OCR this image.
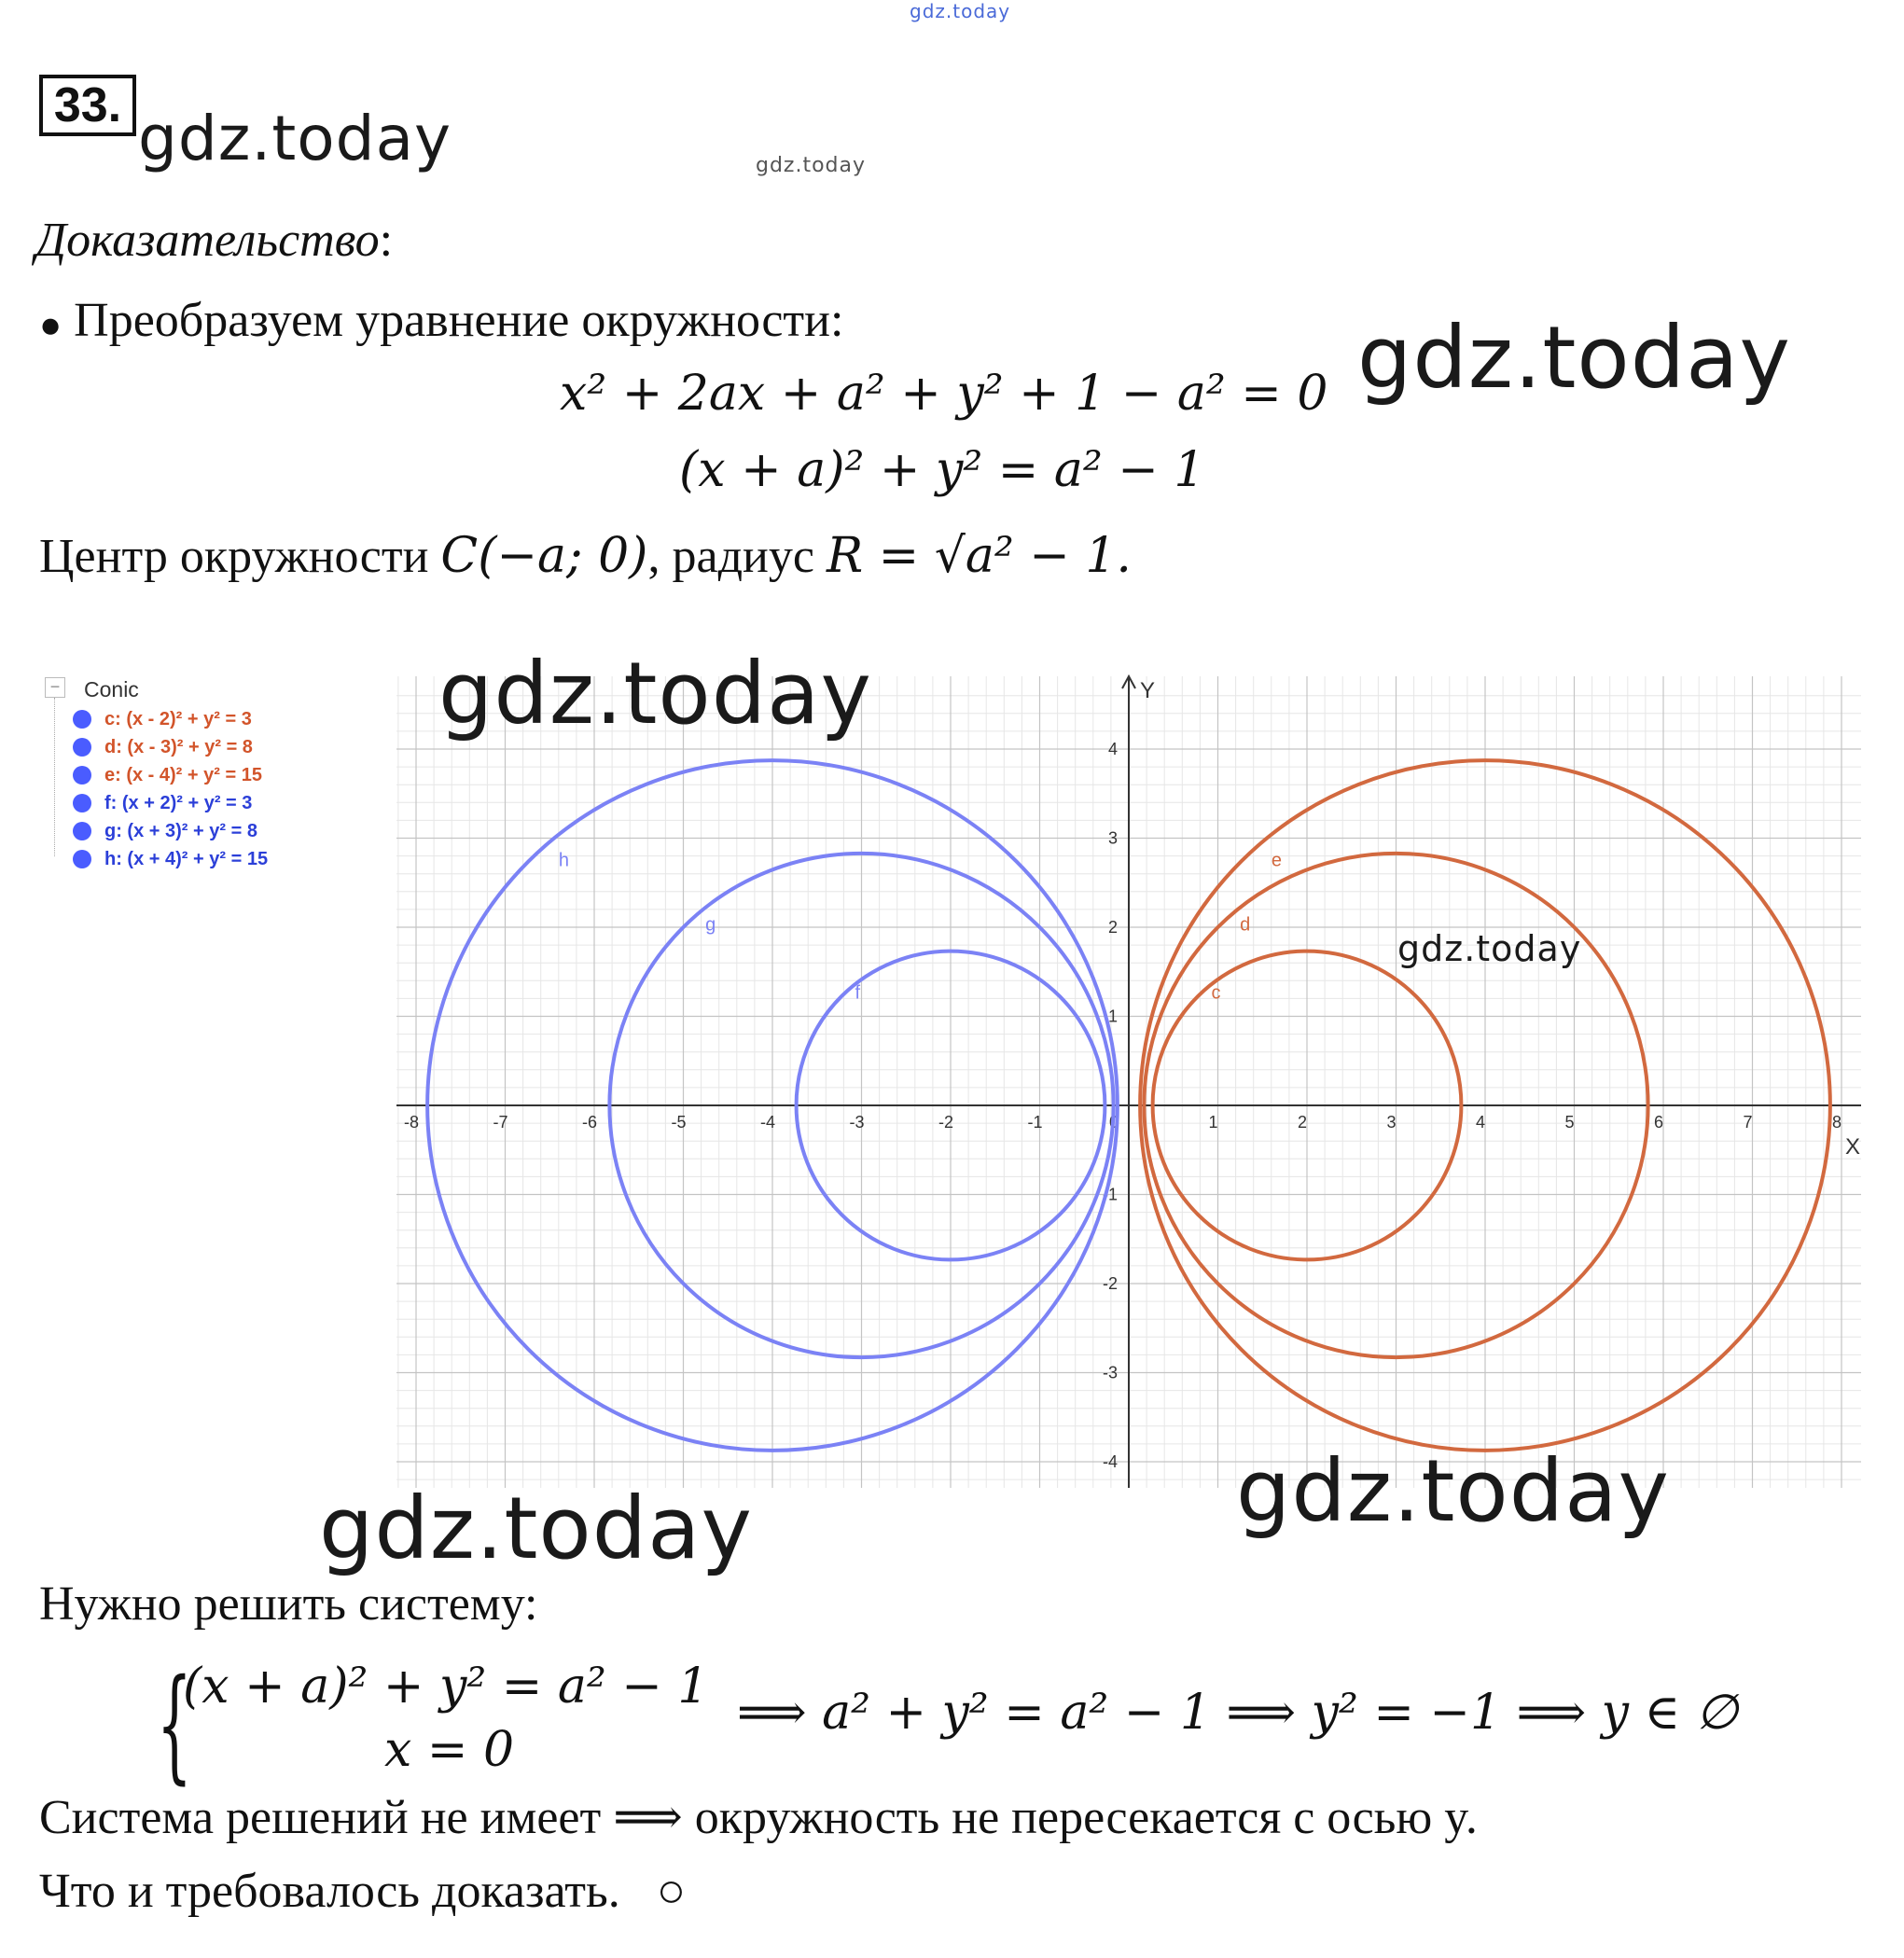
gdz.today
33. gdz.today	gdz.today
Доказательство:
● Преобразуем уравнение окружности:
x² + 2ax + a² + y² + 1 − a² = 0 gdz.today
(x + a)² + y² = a² − 1
Центр окружности C(−a; 0), радиус R = √a² − 1.
− Conic
c: (x - 2)² + y² = 3
d: (x - 3)² + y² = 8
e: (x - 4)² + y² = 15
f: (x + 2)² + y² = 3
g: (x + 3)² + y² = 8
h: (x + 4)² + y² = 15
X
Y
-8	-7	-6	-5	-4	-3	-2	-1	0	1	2	3	4	5	6	7	8
-4
-3
-2
-1
1
2
3
4
c
d
e
f
g
h
gdz.today
gdz.today
gdz.today	gdz.today
Нужно решить систему:
{
(x + a)² + y² = a² − 1
x = 0
⟹ a² + y² = a² − 1 ⟹ y² = −1 ⟹ y ∈ ∅
Система решений не имеет ⟹ окружность не пересекается с осью y.
Что и требовалось доказать. ○
